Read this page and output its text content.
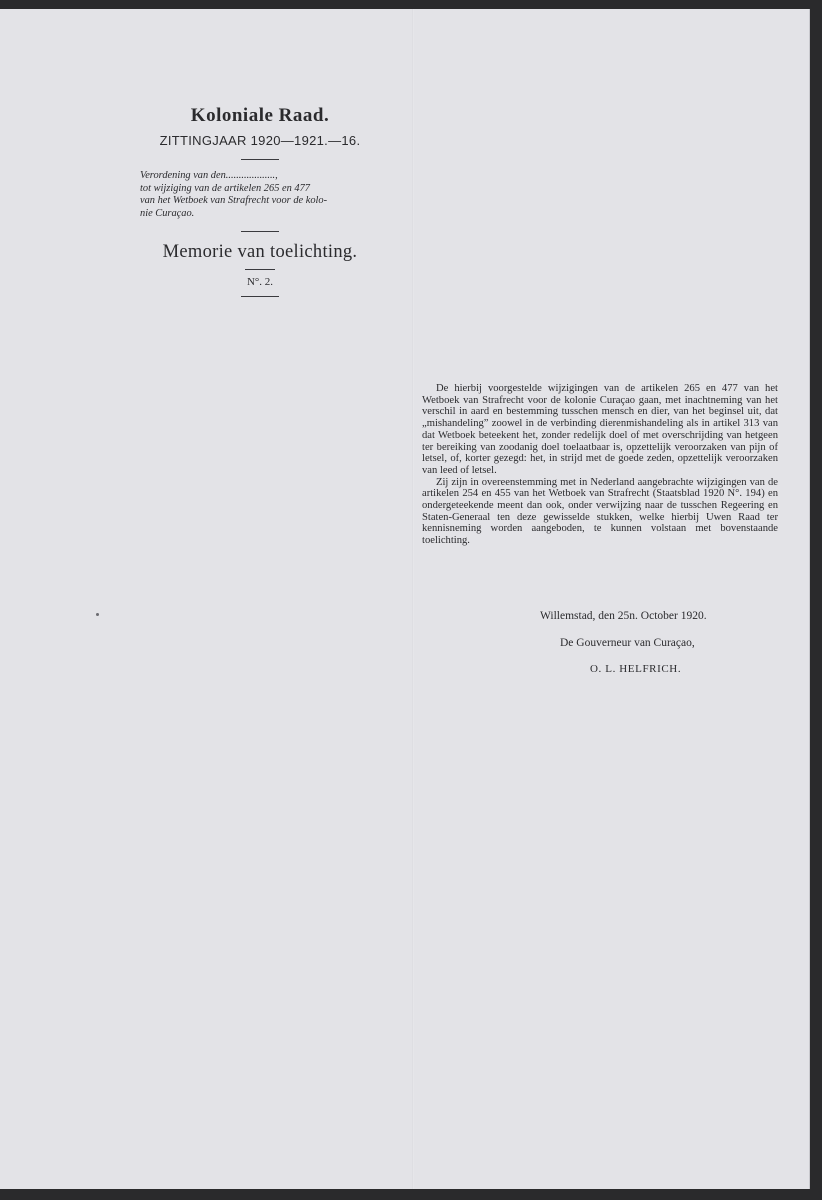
Koloniale Raad.
ZITTINGJAAR 1920—1921.—16.
Verordening van den...................,
tot wijziging van de artikelen 265 en 477
van het Wetboek van Strafrecht voor de kolo-
nie Curaçao.
Memorie van toelichting.
N°. 2.

De hierbij voorgestelde wijzigingen van de artikelen 265 en 477 van het Wetboek van Strafrecht voor de kolonie Curaçao gaan, met inachtneming van het verschil in aard en bestemming tusschen mensch en dier, van het beginsel uit, dat „mishandeling” zoowel in de verbinding dierenmishandeling als in artikel 313 van dat Wetboek beteekent het, zonder redelijk doel of met overschrijding van hetgeen ter bereiking van zoodanig doel toelaatbaar is, opzettelijk veroorzaken van pijn of letsel, of, korter gezegd: het, in strijd met de goede zeden, opzettelijk veroorzaken van leed of letsel.

Zij zijn in overeenstemming met in Nederland aangebrachte wijzigingen van de artikelen 254 en 455 van het Wetboek van Strafrecht (Staatsblad 1920 N°. 194) en ondergeteekende meent dan ook, onder verwijzing naar de tusschen Regeering en Staten-Generaal ten deze gewisselde stukken, welke hierbij Uwen Raad ter kennisneming worden aangeboden, te kunnen volstaan met bovenstaande toelichting.

Willemstad, den 25n. October 1920.
De Gouverneur van Curaçao,
O. L. HELFRICH.
